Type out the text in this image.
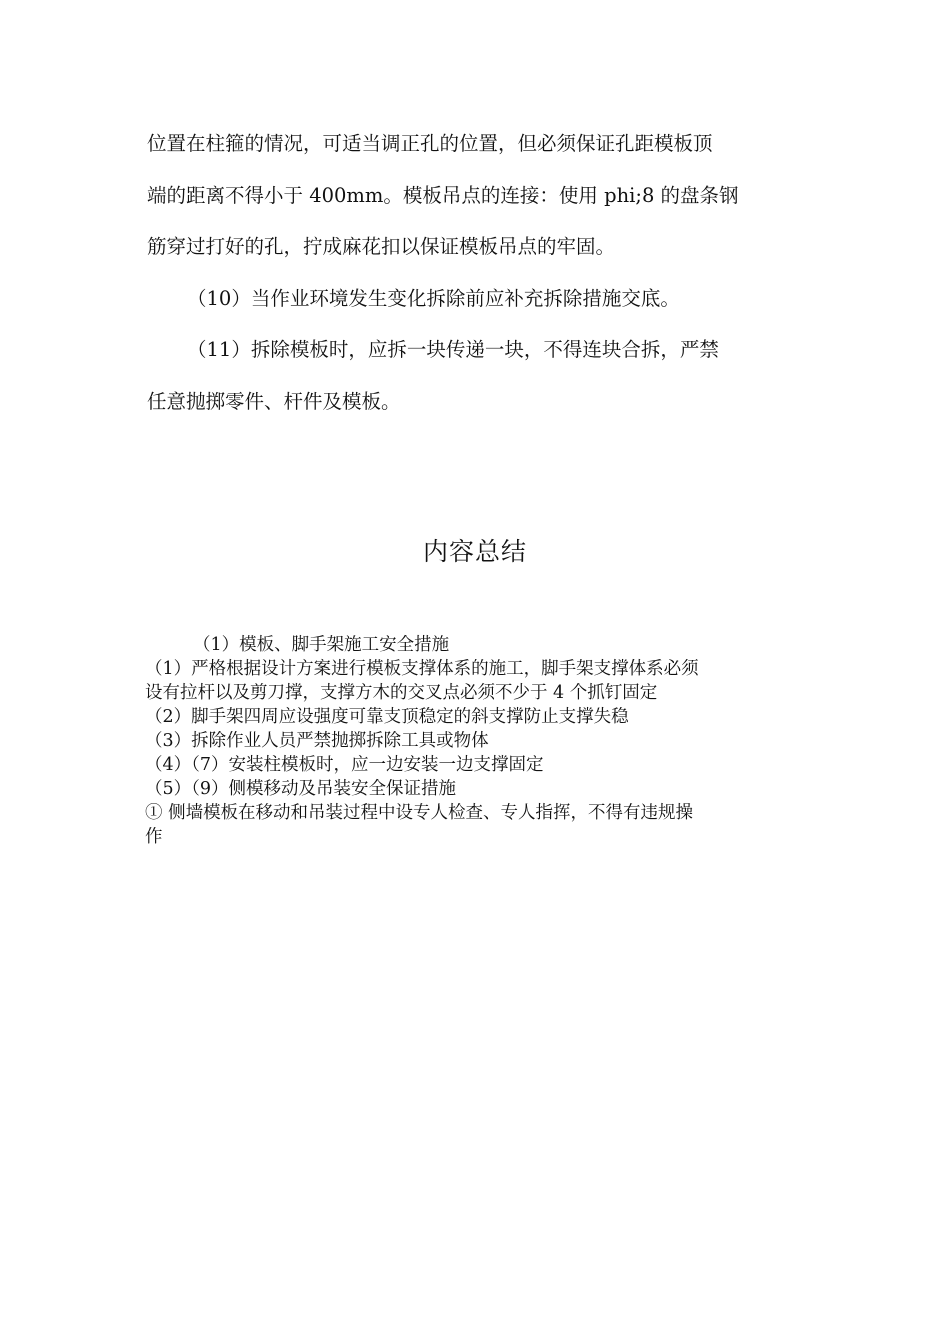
位置在柱箍的情况，可适当调正孔的位置，但必须保证孔距模板顶

端的距离不得小于 400mm。模板吊点的连接：使用 phi;8 的盘条钢

筋穿过打好的孔，拧成麻花扣以保证模板吊点的牢固。

（10）当作业环境发生变化拆除前应补充拆除措施交底。

（11）拆除模板时，应拆一块传递一块，不得连块合拆，严禁

任意抛掷零件、杆件及模板。

内容总结

（1）模板、脚手架施工安全措施

（1）严格根据设计方案进行模板支撑体系的施工，脚手架支撑体系必须

设有拉杆以及剪刀撑，支撑方木的交叉点必须不少于 4 个抓钉固定

（2）脚手架四周应设强度可靠支顶稳定的斜支撑防止支撑失稳

（3）拆除作业人员严禁抛掷拆除工具或物体

（4）（7）安装柱模板时，应一边安装一边支撑固定

（5）（9）侧模移动及吊装安全保证措施

① 侧墙模板在移动和吊装过程中设专人检查、专人指挥，不得有违规操

作
